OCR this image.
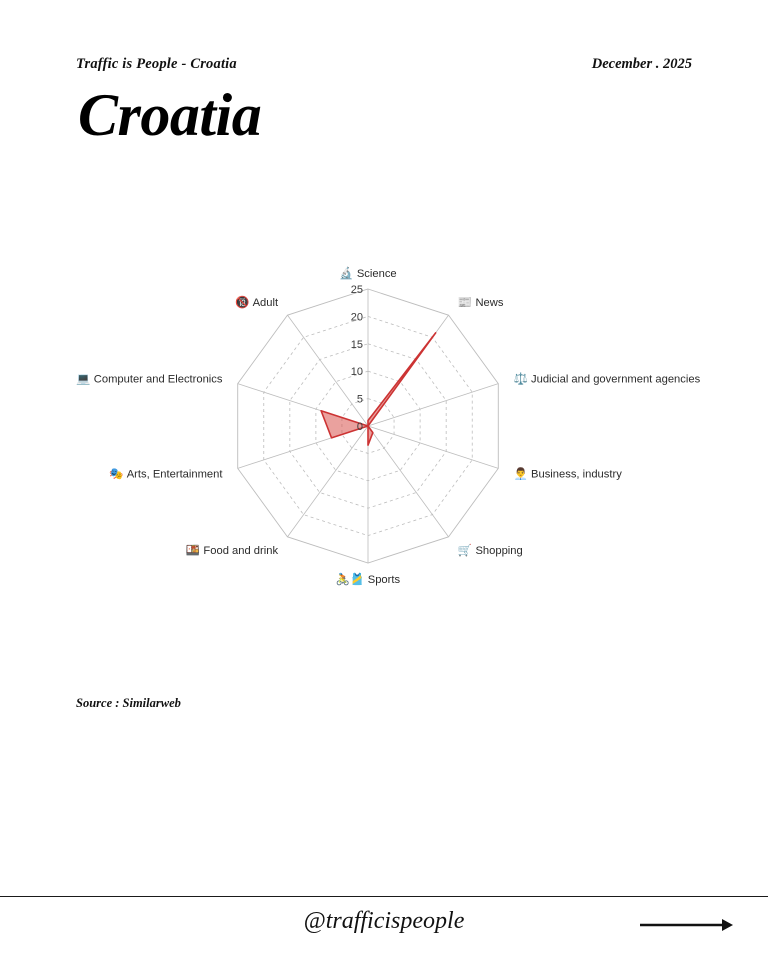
Traffic is People - Croatia	December . 2025
Croatia
0
5
10
15
20
25
🔬 Science
📰 News
⚖️ Judicial and government agencies
👨‍💼 Business, industry
🛒 Shopping
🚴🎽 Sports
🍱 Food and drink
🎭 Arts, Entertainment
💻 Computer and Electronics
🔞 Adult
Source : Similarweb
@trafficispeople
